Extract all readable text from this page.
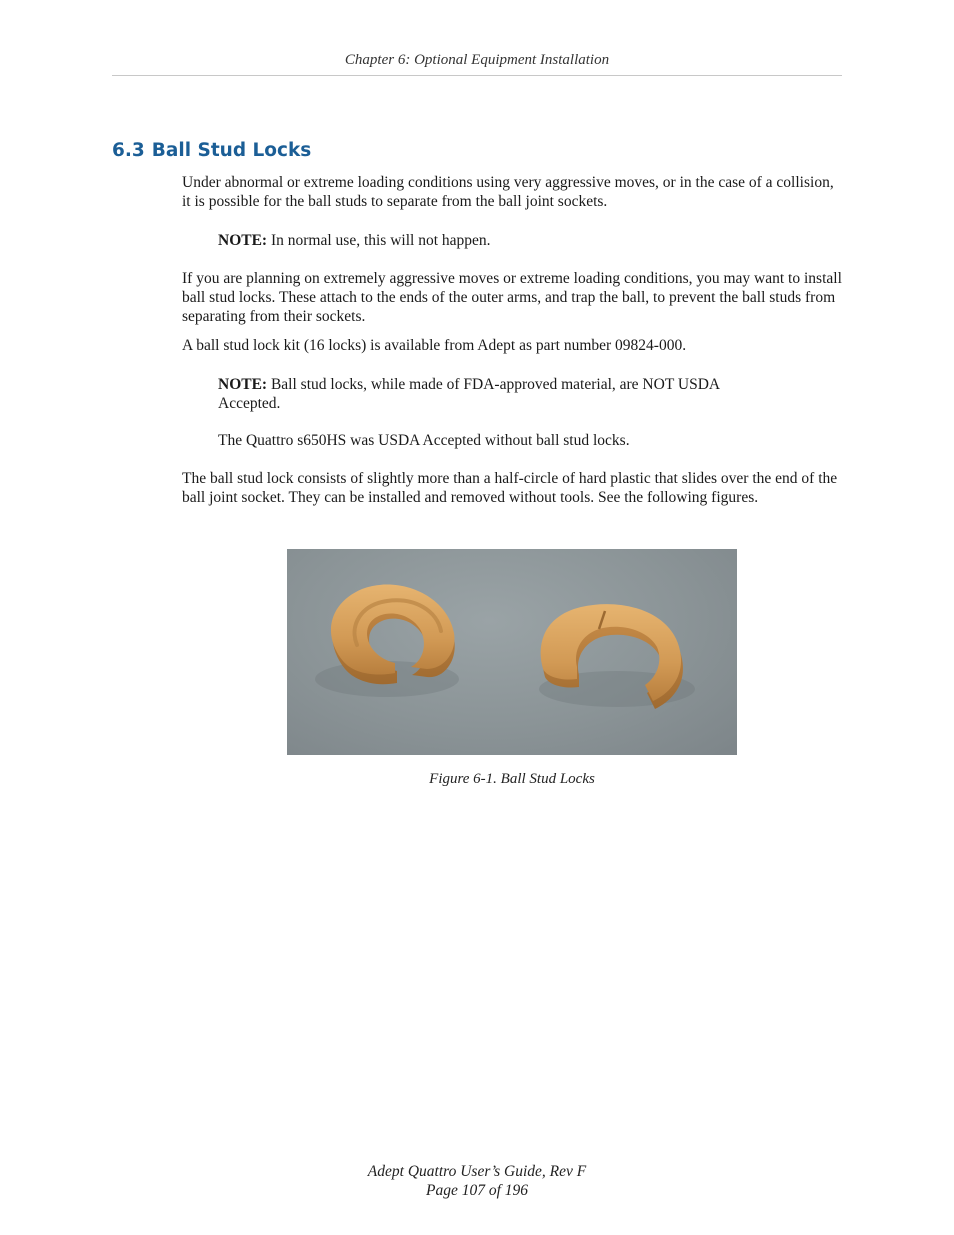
Chapter 6: Optional Equipment Installation
6.3 Ball Stud Locks

Under abnormal or extreme loading conditions using very aggressive moves, or in the case of a collision, it is possible for the ball studs to separate from the ball joint sockets.

NOTE: In normal use, this will not happen.

If you are planning on extremely aggressive moves or extreme loading conditions, you may want to install ball stud locks. These attach to the ends of the outer arms, and trap the ball, to prevent the ball studs from separating from their sockets.

A ball stud lock kit (16 locks) is available from Adept as part number 09824-000.

NOTE: Ball stud locks, while made of FDA-approved material, are NOT USDA Accepted.

The Quattro s650HS was USDA Accepted without ball stud locks.

The ball stud lock consists of slightly more than a half-circle of hard plastic that slides over the end of the ball joint socket. They can be installed and removed without tools. See the following figures.

Figure 6-1. Ball Stud Locks
Adept Quattro User’s Guide, Rev F
Page 107 of 196
